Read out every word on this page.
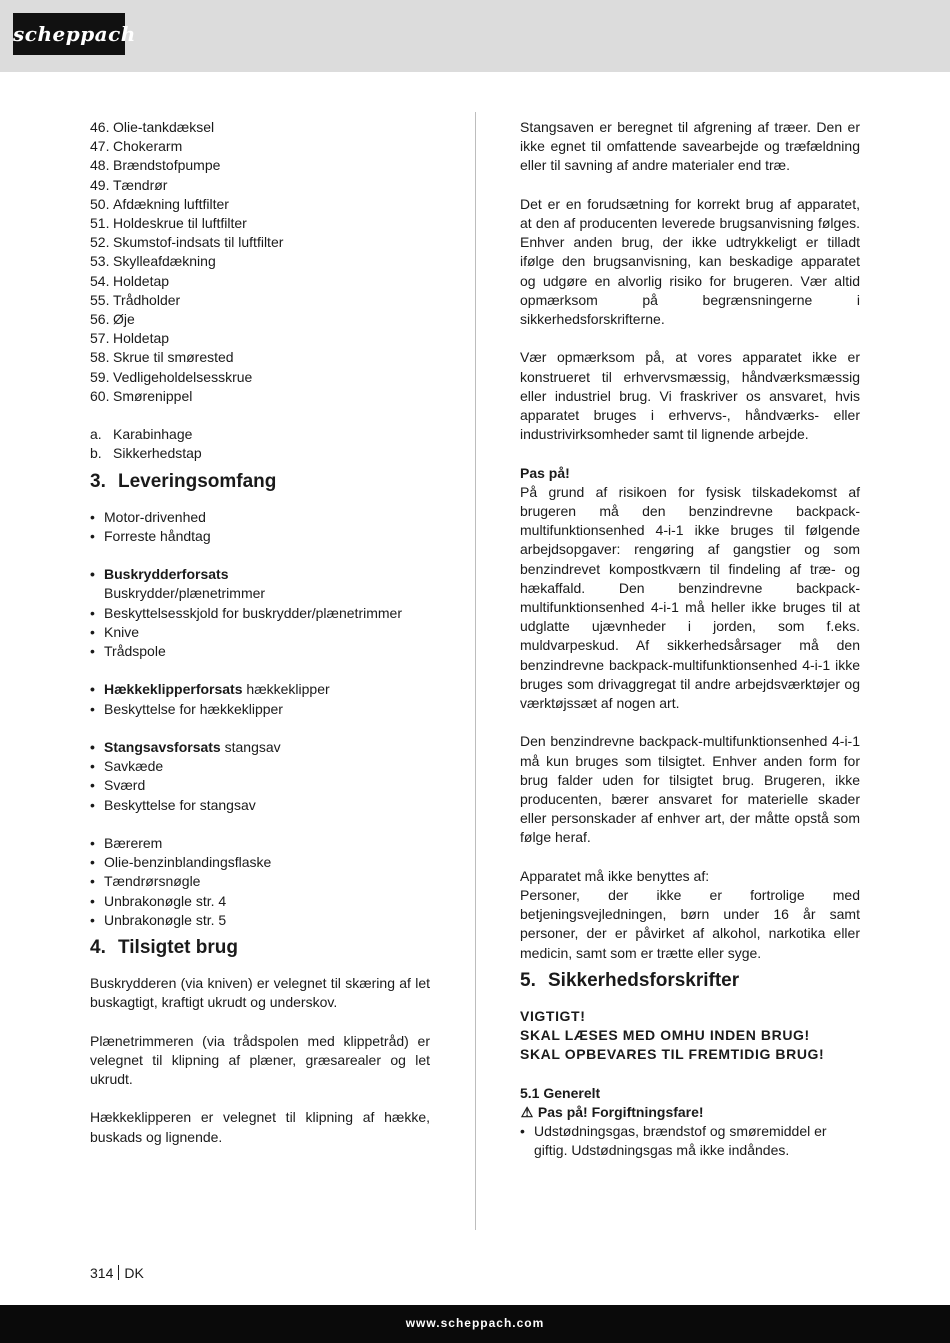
scheppach
46. Olie-tankdæksel
47. Chokerarm
48. Brændstofpumpe
49. Tændrør
50. Afdækning luftfilter
51. Holdeskrue til luftfilter
52. Skumstof-indsats til luftfilter
53. Skylleafdækning
54. Holdetap
55. Trådholder
56. Øje
57. Holdetap
58. Skrue til smørested
59. Vedligeholdelsesskrue
60. Smørenippel
a. Karabinhage
b. Sikkerhedstap
3. Leveringsomfang
• Motor-drivenhed
• Forreste håndtag
• Buskrydderforsats
Buskrydder/plænetrimmer
• Beskyttelsesskjold for buskrydder/plænetrimmer
• Knive
• Trådspole
• Hækkeklipperforsats hækkeklipper
• Beskyttelse for hækkeklipper
• Stangsavsforsats stangsav
• Savkæde
• Sværd
• Beskyttelse for stangsav
• Bærerem
• Olie-benzinblandingsflaske
• Tændrørsnøgle
• Unbrakonøgle str. 4
• Unbrakonøgle str. 5
4. Tilsigtet brug

Buskrydderen (via kniven) er velegnet til skæring af let buskagtigt, kraftigt ukrudt og underskov.

Plænetrimmeren (via trådspolen med klippetråd) er velegnet til klipning af plæner, græsarealer og let ukrudt.

Hækkeklipperen er velegnet til klipning af hække, buskads og lignende.

Stangsaven er beregnet til afgrening af træer. Den er ikke egnet til omfattende savearbejde og træfældning eller til savning af andre materialer end træ.

Det er en forudsætning for korrekt brug af apparatet, at den af producenten leverede brugsanvisning følges. Enhver anden brug, der ikke udtrykkeligt er tilladt ifølge den brugsanvisning, kan beskadige apparatet og udgøre en alvorlig risiko for brugeren. Vær altid opmærksom på begrænsningerne i sikkerhedsforskrifterne.

Vær opmærksom på, at vores apparatet ikke er konstrueret til erhvervsmæssig, håndværksmæssig eller industriel brug. Vi fraskriver os ansvaret, hvis apparatet bruges i erhvervs-, håndværks- eller industrivirksomheder samt til lignende arbejde.

Pas på!

På grund af risikoen for fysisk tilskadekomst af brugeren må den benzindrevne backpack-multifunktionsenhed 4-i-1 ikke bruges til følgende arbejdsopgaver: rengøring af gangstier og som benzindrevet kompostkværn til findeling af træ- og hækaffald. Den benzindrevne backpack-multifunktionsenhed 4-i-1 må heller ikke bruges til at udglatte ujævnheder i jorden, som f.eks. muldvarpeskud. Af sikkerhedsårsager må den benzindrevne backpack-multifunktionsenhed 4-i-1 ikke bruges som drivaggregat til andre arbejdsværktøjer og værktøjssæt af nogen art.

Den benzindrevne backpack-multifunktionsenhed 4-i-1 må kun bruges som tilsigtet. Enhver anden form for brug falder uden for tilsigtet brug. Brugeren, ikke producenten, bærer ansvaret for materielle skader eller personskader af enhver art, der måtte opstå som følge heraf.

Apparatet må ikke benyttes af:

Personer, der ikke er fortrolige med betjeningsvejledningen, børn under 16 år samt personer, der er påvirket af alkohol, narkotika eller medicin, samt som er trætte eller syge.

5. Sikkerhedsforskrifter
VIGTIGT!
SKAL LÆSES MED OMHU INDEN BRUG!
SKAL OPBEVARES TIL FREMTIDIG BRUG!
5.1 Generelt
⚠ Pas på! Forgiftningsfare!
• Udstødningsgas, brændstof og smøremiddel er giftig. Udstødningsgas må ikke indåndes.
314 DK
www.scheppach.com
